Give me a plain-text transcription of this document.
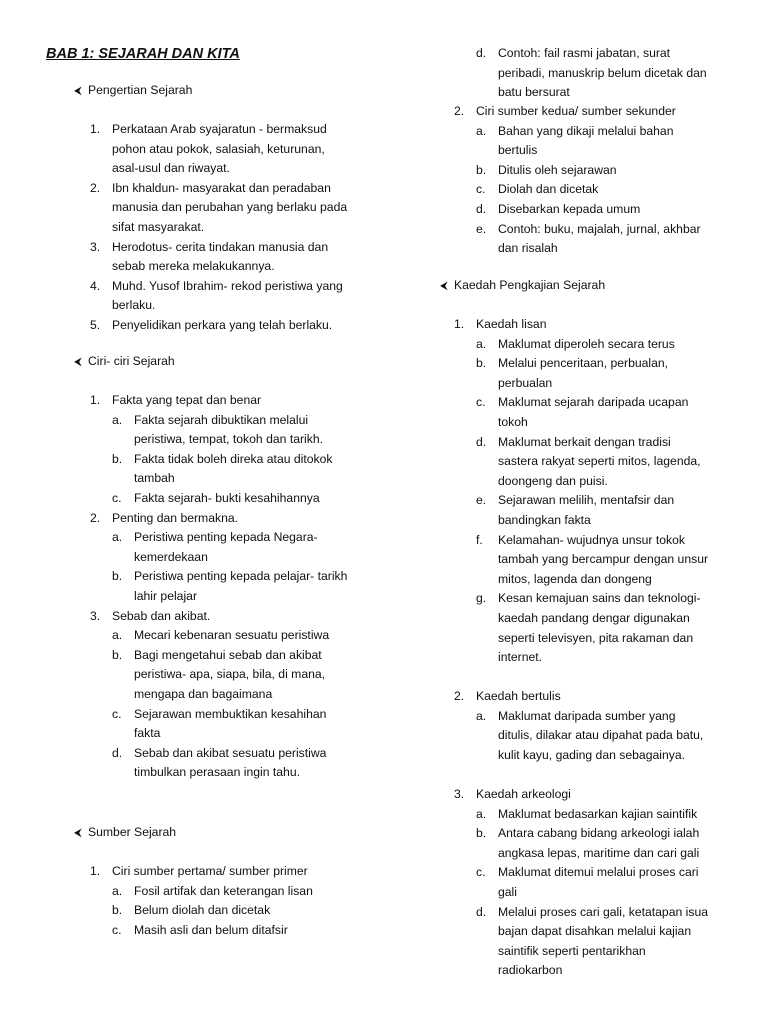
BAB 1: SEJARAH DAN KITA
⮜ Pengertian Sejarah
1. Perkataan Arab syajaratun - bermaksud
pohon atau pokok, salasiah, keturunan,
asal-usul dan riwayat.
2. Ibn khaldun- masyarakat dan peradaban
manusia dan perubahan yang berlaku pada
sifat masyarakat.
3. Herodotus- cerita tindakan manusia dan
sebab mereka melakukannya.
4. Muhd. Yusof Ibrahim- rekod peristiwa yang
berlaku.
5. Penyelidikan perkara yang telah berlaku.
⮜ Ciri- ciri Sejarah
1. Fakta yang tepat dan benar
a. Fakta sejarah dibuktikan melalui
peristiwa, tempat, tokoh dan tarikh.
b. Fakta tidak boleh direka atau ditokok
tambah
c. Fakta sejarah- bukti kesahihannya
2. Penting dan bermakna.
a. Peristiwa penting kepada Negara-
kemerdekaan
b. Peristiwa penting kepada pelajar- tarikh
lahir pelajar
3. Sebab dan akibat.
a. Mecari kebenaran sesuatu peristiwa
b. Bagi mengetahui sebab dan akibat
peristiwa- apa, siapa, bila, di mana,
mengapa dan bagaimana
c. Sejarawan membuktikan kesahihan
fakta
d. Sebab dan akibat sesuatu peristiwa
timbulkan perasaan ingin tahu.
⮜ Sumber Sejarah
1. Ciri sumber pertama/ sumber primer
a. Fosil artifak dan keterangan lisan
b. Belum diolah dan dicetak
c. Masih asli dan belum ditafsir
d. Contoh: fail rasmi jabatan, surat
peribadi, manuskrip belum dicetak dan
batu bersurat
2. Ciri sumber kedua/ sumber sekunder
a. Bahan yang dikaji melalui bahan
bertulis
b. Ditulis oleh sejarawan
c. Diolah dan dicetak
d. Disebarkan kepada umum
e. Contoh: buku, majalah, jurnal, akhbar
dan risalah
⮜ Kaedah Pengkajian Sejarah
1. Kaedah lisan
a. Maklumat diperoleh secara terus
b. Melalui penceritaan, perbualan,
perbualan
c. Maklumat sejarah daripada ucapan
tokoh
d. Maklumat berkait dengan tradisi
sastera rakyat seperti mitos, lagenda,
doongeng dan puisi.
e. Sejarawan melilih, mentafsir dan
bandingkan fakta
f. Kelamahan- wujudnya unsur tokok
tambah yang bercampur dengan unsur
mitos, lagenda dan dongeng
g. Kesan kemajuan sains dan teknologi-
kaedah pandang dengar digunakan
seperti televisyen, pita rakaman dan
internet.
2. Kaedah bertulis
a. Maklumat daripada sumber yang
ditulis, dilakar atau dipahat pada batu,
kulit kayu, gading dan sebagainya.
3. Kaedah arkeologi
a. Maklumat bedasarkan kajian saintifik
b. Antara cabang bidang arkeologi ialah
angkasa lepas, maritime dan cari gali
c. Maklumat ditemui melalui proses cari
gali
d. Melalui proses cari gali, ketatapan isua
bajan dapat disahkan melalui kajian
saintifik seperti pentarikhan
radiokarbon
